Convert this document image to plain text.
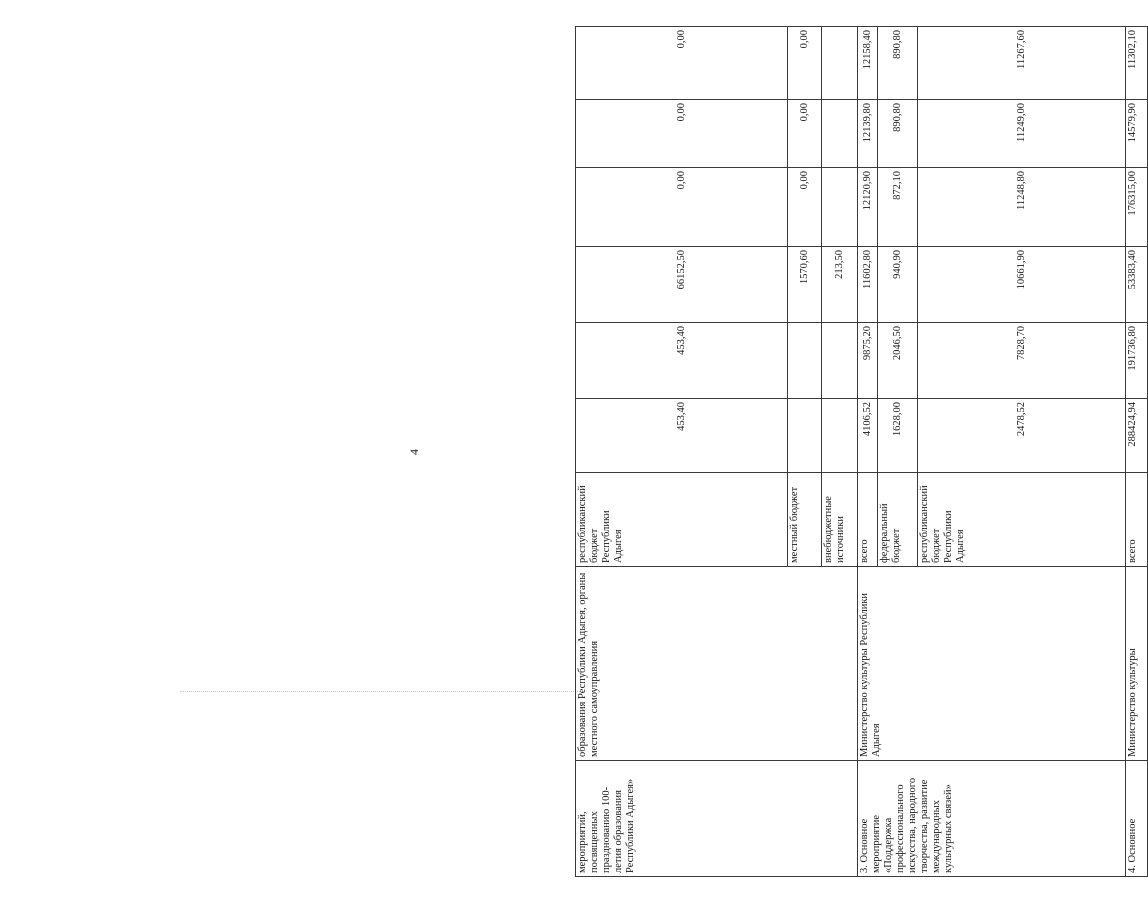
4
мероприятий, посвященных празднованию 100-летия образования Республики Адыгея»	образования Республики Адыгея, органы местного самоуправления	республиканский бюджет Республики Адыгея	453,40	453,40	66152,50	0,00	0,00	0,00
		местный бюджет			1570,60	0,00	0,00	0,00
		внебюджетные источники			213,50			
3. Основное мероприятие «Поддержка профессионального искусства, народного творчества, развитие международных культурных связей»	Министерство культуры Республики Адыгея	всего	4106,52	9875,20	11602,80	12120,90	12139,80	12158,40
		федеральный бюджет	1628,00	2046,50	940,90	872,10	890,80	890,80
		республиканский бюджет Республики Адыгея	2478,52	7828,70	10661,90	11248,80	11249,00	11267,60
4. Основное	Министерство культуры	всего	288424,94	191736,80	53383,40	176315,00	14579,90	11302,10
